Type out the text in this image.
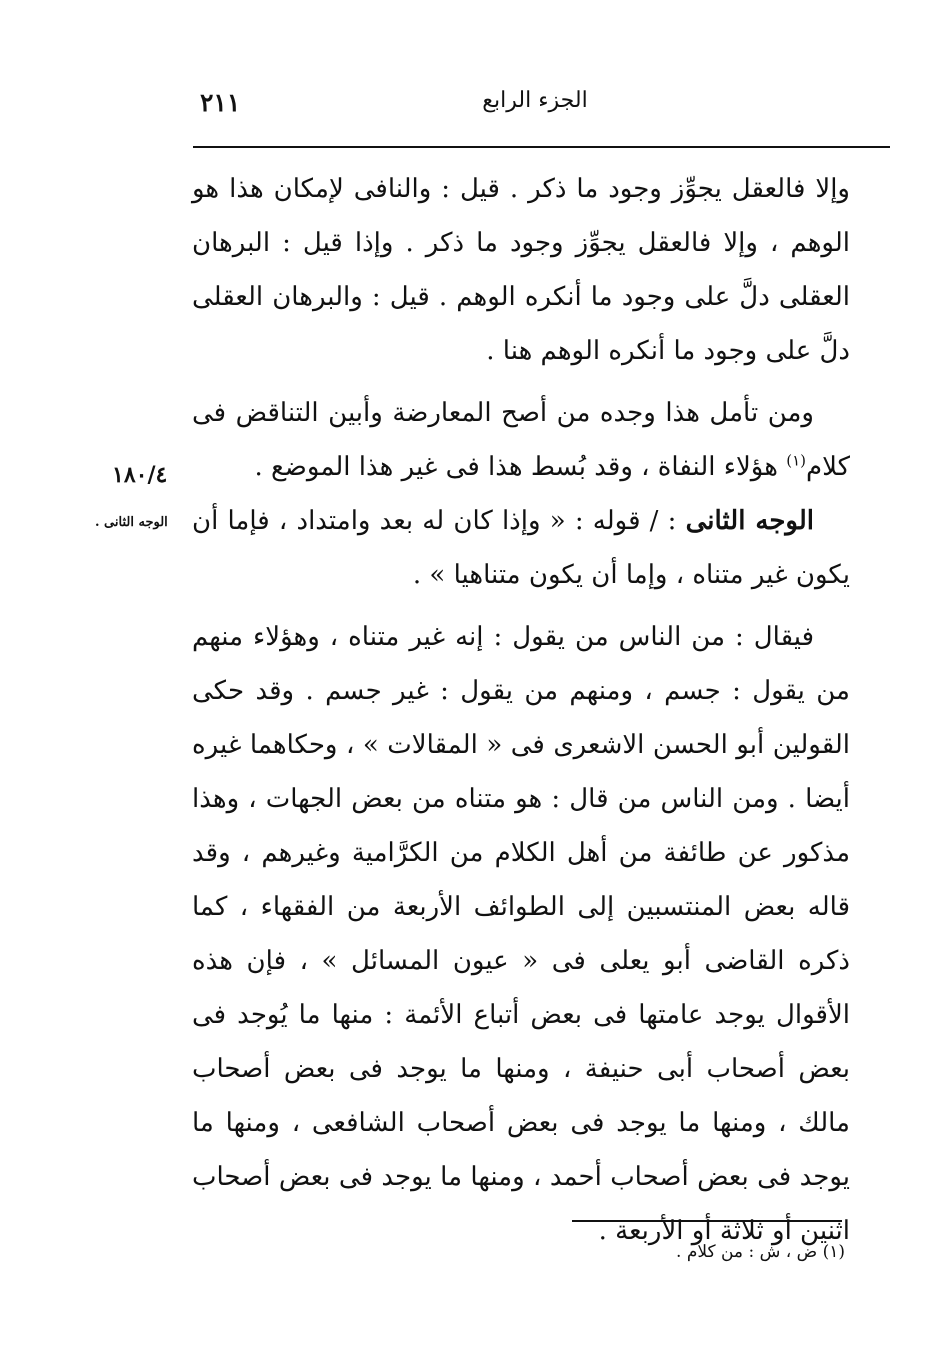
٢١١	الجزء الرابع
١٨٠/٤
الوجه الثانى .

وإلا فالعقل يجوِّز وجود ما ذكر . قيل : والنافى لإمكان هذا هو الوهم ، وإلا فالعقل يجوِّز وجود ما ذكر . وإذا قيل : البرهان العقلى دلَّ على وجود ما أنكره الوهم . قيل : والبرهان العقلى دلَّ على وجود ما أنكره الوهم هنا .

ومن تأمل هذا وجده من أصح المعارضة وأبين التناقض فى كلام$^{(١)}$ هؤلاء النفاة ، وقد بُسط هذا فى غير هذا الموضع .

الوجه الثانى : / قوله : « وإذا كان له بعد وامتداد ، فإما أن يكون غير متناه ، وإما أن يكون متناهيا » .

فيقال : من الناس من يقول : إنه غير متناه ، وهؤلاء منهم من يقول : جسم ، ومنهم من يقول : غير جسم . وقد حكى القولين أبو الحسن الاشعرى فى « المقالات » ، وحكاهما غيره أيضا . ومن الناس من قال : هو متناه من بعض الجهات ، وهذا مذكور عن طائفة من أهل الكلام من الكرَّامية وغيرهم ، وقد قاله بعض المنتسبين إلى الطوائف الأربعة من الفقهاء ، كما ذكره القاضى أبو يعلى فى « عيون المسائل » ، فإن هذه الأقوال يوجد عامتها فى بعض أتباع الأئمة : منها ما يُوجد فى بعض أصحاب أبى حنيفة ، ومنها ما يوجد فى بعض أصحاب مالك ، ومنها ما يوجد فى بعض أصحاب الشافعى ، ومنها ما يوجد فى بعض أصحاب أحمد ، ومنها ما يوجد فى بعض أصحاب اثنين أو ثلاثة أو الأربعة .

(١) ض ، ش : من كلام .
